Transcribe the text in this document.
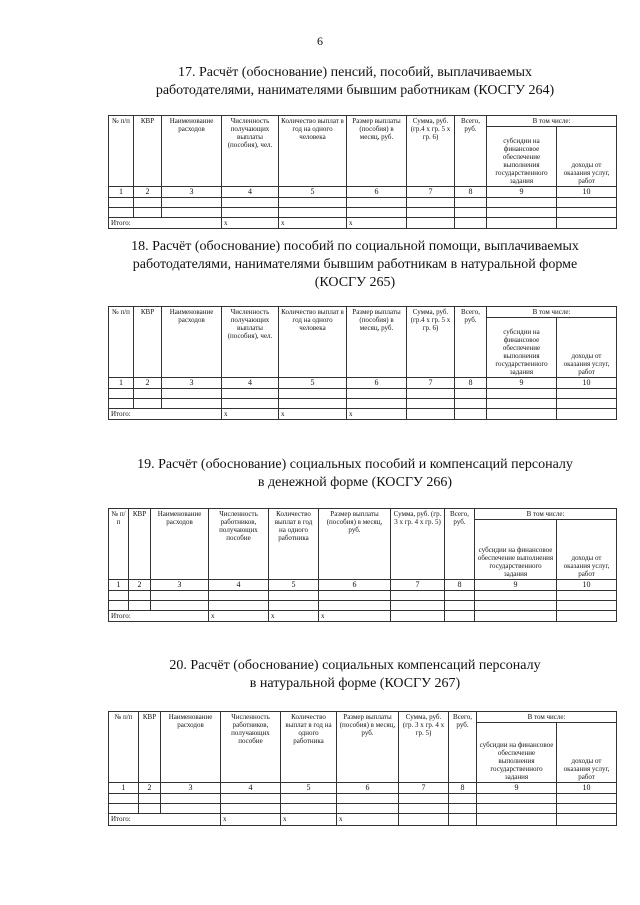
6
17. Расчёт (обоснование) пенсий, пособий, выплачиваемых
работодателями, нанимателями бывшим работникам (КОСГУ 264)
№ п/п	КВР	Наименование расходов	Численность получающих выплаты (пособия), чел.	Количество выплат в год на одного человека	Размер выплаты (пособия) в месяц, руб.	Сумма, руб. (гр.4 х гр. 5 х гр. 6)	Всего, руб.	В том числе:	
								субсидии на финансовое обеспечение выполнения государственного задания	доходы от оказания услуг, работ
1	2	3	4	5	6	7	8	9	10

Итого:			x	x	x				
18. Расчёт (обоснование) пособий по социальной помощи, выплачиваемых
работодателями, нанимателями бывшим работникам в натуральной форме
(КОСГУ 265)
№ п/п	КВР	Наименование расходов	Численность получающих выплаты (пособия), чел.	Количество выплат в год на одного человека	Размер выплаты (пособия) в месяц, руб.	Сумма, руб. (гр.4 х гр. 5 х гр. 6)	Всего, руб.	В том числе:	
								субсидии на финансовое обеспечение выполнения государственного задания	доходы от оказания услуг, работ
1	2	3	4	5	6	7	8	9	10

Итого:			x	x	x				
19. Расчёт (обоснование) социальных пособий и компенсаций персоналу
в денежной форме (КОСГУ 266)
№ п/п	КВР	Наименование расходов	Численность работников, получающих пособие	Количество выплат в год на одного работника	Размер выплаты (пособия) в месяц, руб.	Сумма, руб. (гр. 3 х гр. 4 х гр. 5)	Всего, руб.	В том числе:	
								субсидии на финансовое обеспечение выполнения государственного задания	доходы от оказания услуг, работ
1	2	3	4	5	6	7	8	9	10

Итого:			x	x	x				
20. Расчёт (обоснование) социальных компенсаций персоналу
в натуральной форме (КОСГУ 267)
№ п/п	КВР	Наименование расходов	Численность работников, получающих пособие	Количество выплат в год на одного работника	Размер выплаты (пособия) в месяц, руб.	Сумма, руб. (гр. 3 х гр. 4 х гр. 5)	Всего, руб.	В том числе:	
								субсидии на финансовое обеспечение выполнения государственного задания	доходы от оказания услуг, работ
1	2	3	4	5	6	7	8	9	10

Итого:			x	x	x				
